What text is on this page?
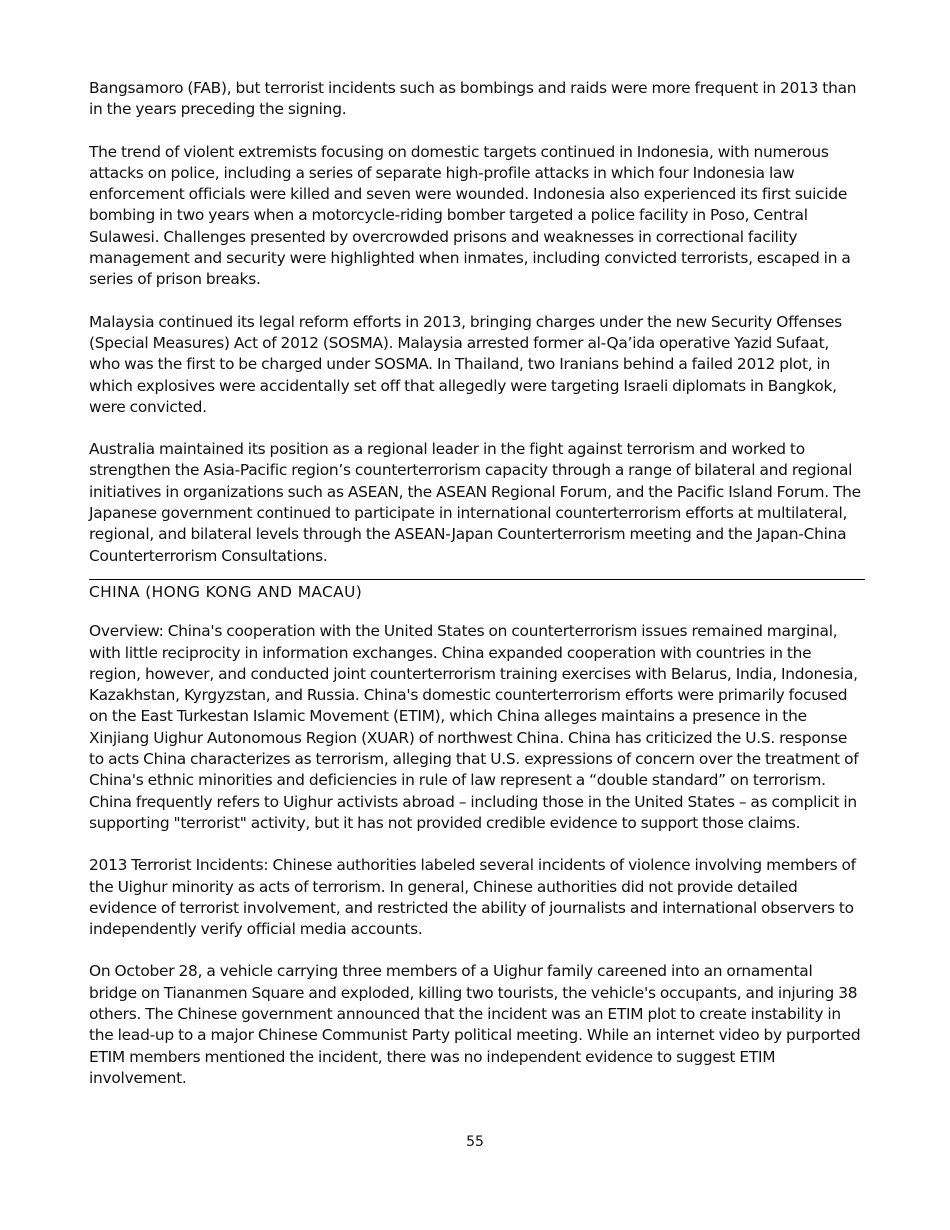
Bangsamoro (FAB), but terrorist incidents such as bombings and raids were more frequent in 2013 than in the years preceding the signing.

The trend of violent extremists focusing on domestic targets continued in Indonesia, with numerous attacks on police, including a series of separate high-profile attacks in which four Indonesia law enforcement officials were killed and seven were wounded. Indonesia also experienced its first suicide bombing in two years when a motorcycle-riding bomber targeted a police facility in Poso, Central Sulawesi. Challenges presented by overcrowded prisons and weaknesses in correctional facility management and security were highlighted when inmates, including convicted terrorists, escaped in a series of prison breaks.

Malaysia continued its legal reform efforts in 2013, bringing charges under the new Security Offenses (Special Measures) Act of 2012 (SOSMA). Malaysia arrested former al-Qa’ida operative Yazid Sufaat, who was the first to be charged under SOSMA. In Thailand, two Iranians behind a failed 2012 plot, in which explosives were accidentally set off that allegedly were targeting Israeli diplomats in Bangkok, were convicted.

Australia maintained its position as a regional leader in the fight against terrorism and worked to strengthen the Asia-Pacific region’s counterterrorism capacity through a range of bilateral and regional initiatives in organizations such as ASEAN, the ASEAN Regional Forum, and the Pacific Island Forum. The Japanese government continued to participate in international counterterrorism efforts at multilateral, regional, and bilateral levels through the ASEAN-Japan Counterterrorism meeting and the Japan-China Counterterrorism Consultations.

CHINA (HONG KONG AND MACAU)

Overview: China's cooperation with the United States on counterterrorism issues remained marginal, with little reciprocity in information exchanges. China expanded cooperation with countries in the region, however, and conducted joint counterterrorism training exercises with Belarus, India, Indonesia, Kazakhstan, Kyrgyzstan, and Russia. China's domestic counterterrorism efforts were primarily focused on the East Turkestan Islamic Movement (ETIM), which China alleges maintains a presence in the Xinjiang Uighur Autonomous Region (XUAR) of northwest China. China has criticized the U.S. response to acts China characterizes as terrorism, alleging that U.S. expressions of concern over the treatment of China's ethnic minorities and deficiencies in rule of law represent a “double standard” on terrorism. China frequently refers to Uighur activists abroad – including those in the United States – as complicit in supporting "terrorist" activity, but it has not provided credible evidence to support those claims.

2013 Terrorist Incidents: Chinese authorities labeled several incidents of violence involving members of the Uighur minority as acts of terrorism. In general, Chinese authorities did not provide detailed evidence of terrorist involvement, and restricted the ability of journalists and international observers to independently verify official media accounts.

On October 28, a vehicle carrying three members of a Uighur family careened into an ornamental bridge on Tiananmen Square and exploded, killing two tourists, the vehicle's occupants, and injuring 38 others. The Chinese government announced that the incident was an ETIM plot to create instability in the lead-up to a major Chinese Communist Party political meeting. While an internet video by purported ETIM members mentioned the incident, there was no independent evidence to suggest ETIM involvement.

55
